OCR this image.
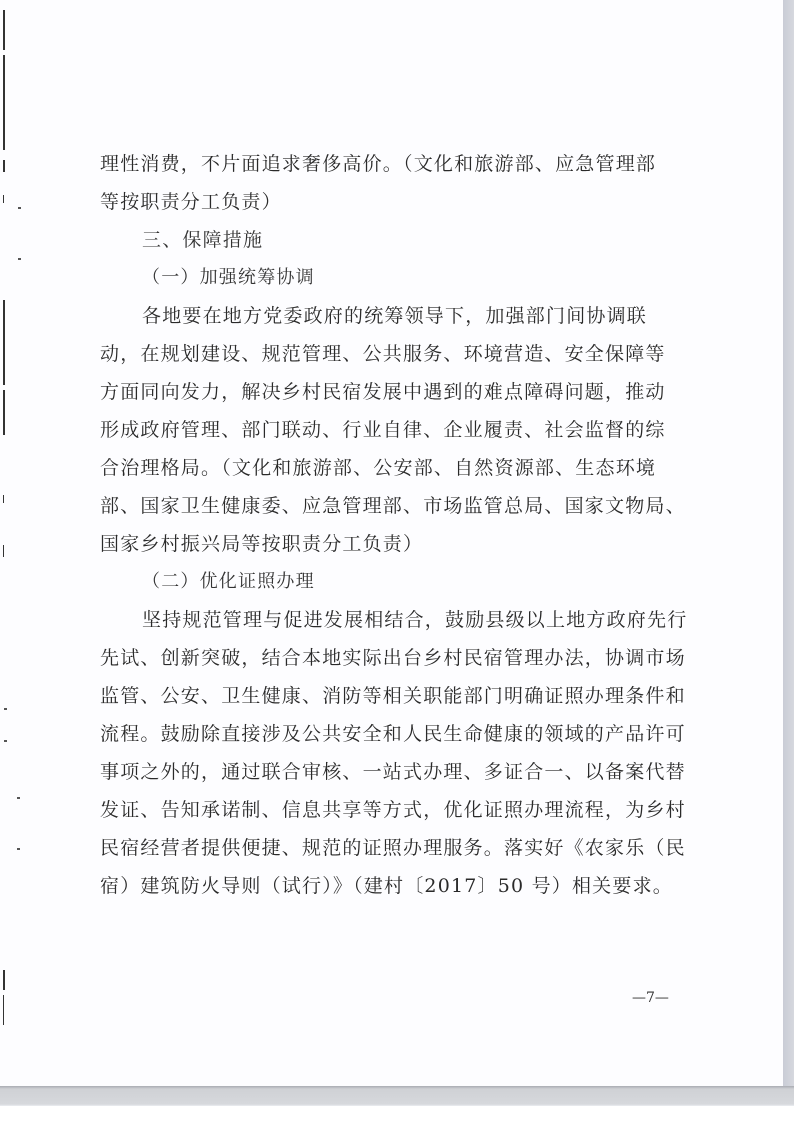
理性消费，不片面追求奢侈高价。（文化和旅游部、应急管理部
等按职责分工负责）
三、保障措施
（一）加强统筹协调
各地要在地方党委政府的统筹领导下，加强部门间协调联
动，在规划建设、规范管理、公共服务、环境营造、安全保障等
方面同向发力，解决乡村民宿发展中遇到的难点障碍问题，推动
形成政府管理、部门联动、行业自律、企业履责、社会监督的综
合治理格局。（文化和旅游部、公安部、自然资源部、生态环境
部、国家卫生健康委、应急管理部、市场监管总局、国家文物局、
国家乡村振兴局等按职责分工负责）
（二）优化证照办理
坚持规范管理与促进发展相结合，鼓励县级以上地方政府先行
先试、创新突破，结合本地实际出台乡村民宿管理办法，协调市场
监管、公安、卫生健康、消防等相关职能部门明确证照办理条件和
流程。鼓励除直接涉及公共安全和人民生命健康的领域的产品许可
事项之外的，通过联合审核、一站式办理、多证合一、以备案代替
发证、告知承诺制、信息共享等方式，优化证照办理流程，为乡村
民宿经营者提供便捷、规范的证照办理服务。落实好《农家乐（民
宿）建筑防火导则（试行）》（建村〔2017〕50 号）相关要求。
—7—
